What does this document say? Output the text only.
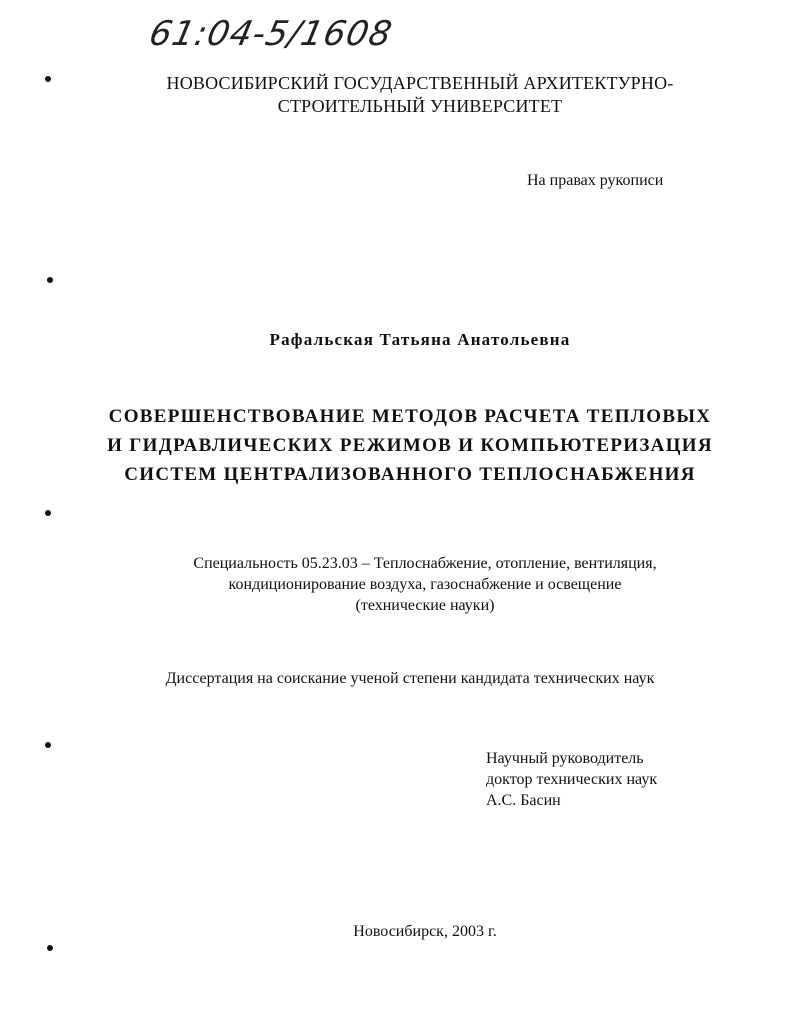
61:04-5/1608
НОВОСИБИРСКИЙ ГОСУДАРСТВЕННЫЙ АРХИТЕКТУРНО-
СТРОИТЕЛЬНЫЙ УНИВЕРСИТЕТ
На правах рукописи
Рафальская Татьяна Анатольевна
СОВЕРШЕНСТВОВАНИЕ МЕТОДОВ РАСЧЕТА ТЕПЛОВЫХ
И ГИДРАВЛИЧЕСКИХ РЕЖИМОВ И КОМПЬЮТЕРИЗАЦИЯ
СИСТЕМ ЦЕНТРАЛИЗОВАННОГО ТЕПЛОСНАБЖЕНИЯ
Специальность 05.23.03 – Теплоснабжение, отопление, вентиляция,
кондиционирование воздуха, газоснабжение и освещение
(технические науки)
Диссертация на соискание ученой степени кандидата технических наук
Научный руководитель
доктор технических наук
А.С. Басин
Новосибирск, 2003 г.
